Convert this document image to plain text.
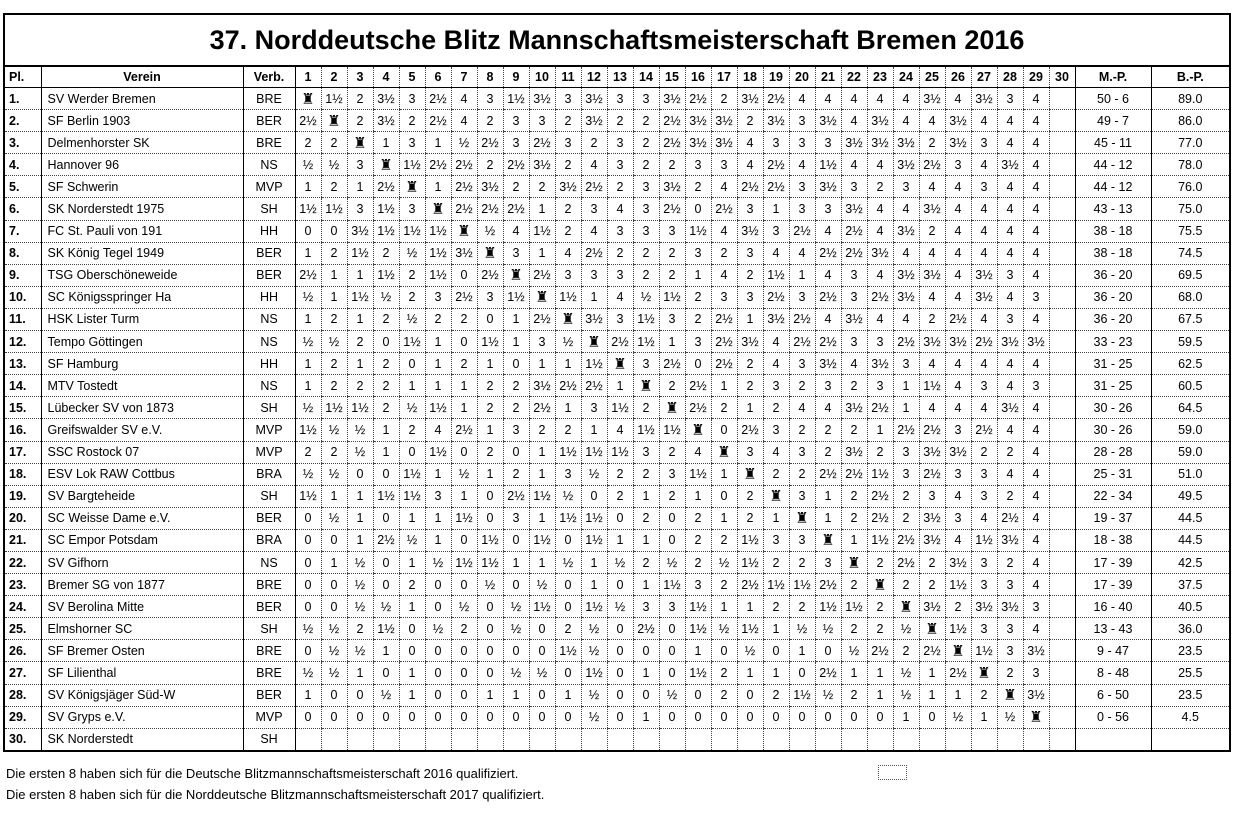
37. Norddeutsche Blitz Mannschaftsmeisterschaft Bremen 2016
Pl.	Verein	Verb.	1	2	3	4	5	6	7	8	9	10	11	12	13	14	15	16	17	18	19	20	21	22	23	24	25	26	27	28	29	30	M.-P.	B.-P.
1.	SV Werder Bremen	BRE	♜	1½	2	3½	3	2½	4	3	1½	3½	3	3½	3	3	3½	2½	2	3½	2½	4	4	4	4	4	3½	4	3½	3	4		50 - 6	89.0
2.	SF Berlin 1903	BER	2½	♜	2	3½	2	2½	4	2	3	3	2	3½	2	2	2½	3½	3½	2	3½	3	3½	4	3½	4	4	3½	4	4	4		49 - 7	86.0
3.	Delmenhorster SK	BRE	2	2	♜	1	3	1	½	2½	3	2½	3	2	3	2	2½	3½	3½	4	3	3	3	3½	3½	3½	2	3½	3	4	4		45 - 11	77.0
4.	Hannover 96	NS	½	½	3	♜	1½	2½	2½	2	2½	3½	2	4	3	2	2	3	3	4	2½	4	1½	4	4	3½	2½	3	4	3½	4		44 - 12	78.0
5.	SF Schwerin	MVP	1	2	1	2½	♜	1	2½	3½	2	2	3½	2½	2	3	3½	2	4	2½	2½	3	3½	3	2	3	4	4	3	4	4		44 - 12	76.0
6.	SK Norderstedt 1975	SH	1½	1½	3	1½	3	♜	2½	2½	2½	1	2	3	4	3	2½	0	2½	3	1	3	3	3½	4	4	3½	4	4	4	4		43 - 13	75.0
7.	FC St. Pauli von 191	HH	0	0	3½	1½	1½	1½	♜	½	4	1½	2	4	3	3	3	1½	4	3½	3	2½	4	2½	4	3½	2	4	4	4	4		38 - 18	75.5
8.	SK König Tegel 1949	BER	1	2	1½	2	½	1½	3½	♜	3	1	4	2½	2	2	2	3	2	3	4	4	2½	2½	3½	4	4	4	4	4	4		38 - 18	74.5
9.	TSG Oberschöneweide	BER	2½	1	1	1½	2	1½	0	2½	♜	2½	3	3	3	2	2	1	4	2	1½	1	4	3	4	3½	3½	4	3½	3	4		36 - 20	69.5
10.	SC Königsspringer Ha	HH	½	1	1½	½	2	3	2½	3	1½	♜	1½	1	4	½	1½	2	3	3	2½	3	2½	3	2½	3½	4	4	3½	4	3		36 - 20	68.0
11.	HSK Lister Turm	NS	1	2	1	2	½	2	2	0	1	2½	♜	3½	3	1½	3	2	2½	1	3½	2½	4	3½	4	4	2	2½	4	3	4		36 - 20	67.5
12.	Tempo Göttingen	NS	½	½	2	0	1½	1	0	1½	1	3	½	♜	2½	1½	1	3	2½	3½	4	2½	2½	3	3	2½	3½	3½	2½	3½	3½		33 - 23	59.5
13.	SF Hamburg	HH	1	2	1	2	0	1	2	1	0	1	1	1½	♜	3	2½	0	2½	2	4	3	3½	4	3½	3	4	4	4	4	4		31 - 25	62.5
14.	MTV Tostedt	NS	1	2	2	2	1	1	1	2	2	3½	2½	2½	1	♜	2	2½	1	2	3	2	3	2	3	1	1½	4	3	4	3		31 - 25	60.5
15.	Lübecker SV von 1873	SH	½	1½	1½	2	½	1½	1	2	2	2½	1	3	1½	2	♜	2½	2	1	2	4	4	3½	2½	1	4	4	4	3½	4		30 - 26	64.5
16.	Greifswalder SV e.V.	MVP	1½	½	½	1	2	4	2½	1	3	2	2	1	4	1½	1½	♜	0	2½	3	2	2	2	1	2½	2½	3	2½	4	4		30 - 26	59.0
17.	SSC Rostock 07	MVP	2	2	½	1	0	1½	0	2	0	1	1½	1½	1½	3	2	4	♜	3	4	3	2	3½	2	3	3½	3½	2	2	4		28 - 28	59.0
18.	ESV Lok RAW Cottbus	BRA	½	½	0	0	1½	1	½	1	2	1	3	½	2	2	3	1½	1	♜	2	2	2½	2½	1½	3	2½	3	3	4	4		25 - 31	51.0
19.	SV Bargteheide	SH	1½	1	1	1½	1½	3	1	0	2½	1½	½	0	2	1	2	1	0	2	♜	3	1	2	2½	2	3	4	3	2	4		22 - 34	49.5
20.	SC Weisse Dame e.V.	BER	0	½	1	0	1	1	1½	0	3	1	1½	1½	0	2	0	2	1	2	1	♜	1	2	2½	2	3½	3	4	2½	4		19 - 37	44.5
21.	SC Empor Potsdam	BRA	0	0	1	2½	½	1	0	1½	0	1½	0	1½	1	1	0	2	2	1½	3	3	♜	1	1½	2½	3½	4	1½	3½	4		18 - 38	44.5
22.	SV Gifhorn	NS	0	1	½	0	1	½	1½	1½	1	1	½	1	½	2	½	2	½	1½	2	2	3	♜	2	2½	2	3½	3	2	4		17 - 39	42.5
23.	Bremer SG von 1877	BRE	0	0	½	0	2	0	0	½	0	½	0	1	0	1	1½	3	2	2½	1½	1½	2½	2	♜	2	2	1½	3	3	4		17 - 39	37.5
24.	SV Berolina Mitte	BER	0	0	½	½	1	0	½	0	½	1½	0	1½	½	3	3	1½	1	1	2	2	1½	1½	2	♜	3½	2	3½	3½	3		16 - 40	40.5
25.	Elmshorner SC	SH	½	½	2	1½	0	½	2	0	½	0	2	½	0	2½	0	1½	½	1½	1	½	½	2	2	½	♜	1½	3	3	4		13 - 43	36.0
26.	SF Bremer Osten	BRE	0	½	½	1	0	0	0	0	0	0	1½	½	0	0	0	1	0	½	0	1	0	½	2½	2	2½	♜	1½	3	3½		9 - 47	23.5
27.	SF Lilienthal	BRE	½	½	1	0	1	0	0	0	½	½	0	1½	0	1	0	1½	2	1	1	0	2½	1	1	½	1	2½	♜	2	3		8 - 48	25.5
28.	SV Königsjäger Süd-W	BER	1	0	0	½	1	0	0	1	1	0	1	½	0	0	½	0	2	0	2	1½	½	2	1	½	1	1	2	♜	3½		6 - 50	23.5
29.	SV Gryps e.V.	MVP	0	0	0	0	0	0	0	0	0	0	0	½	0	1	0	0	0	0	0	0	0	0	0	1	0	½	1	½	♜		0 - 56	4.5
30.	SK Norderstedt	SH																																
Die ersten 8 haben sich für die Deutsche Blitzmannschaftsmeisterschaft 2016 qualifiziert.
Die ersten 8 haben sich für die Norddeutsche Blitzmannschaftsmeisterschaft 2017 qualifiziert.
